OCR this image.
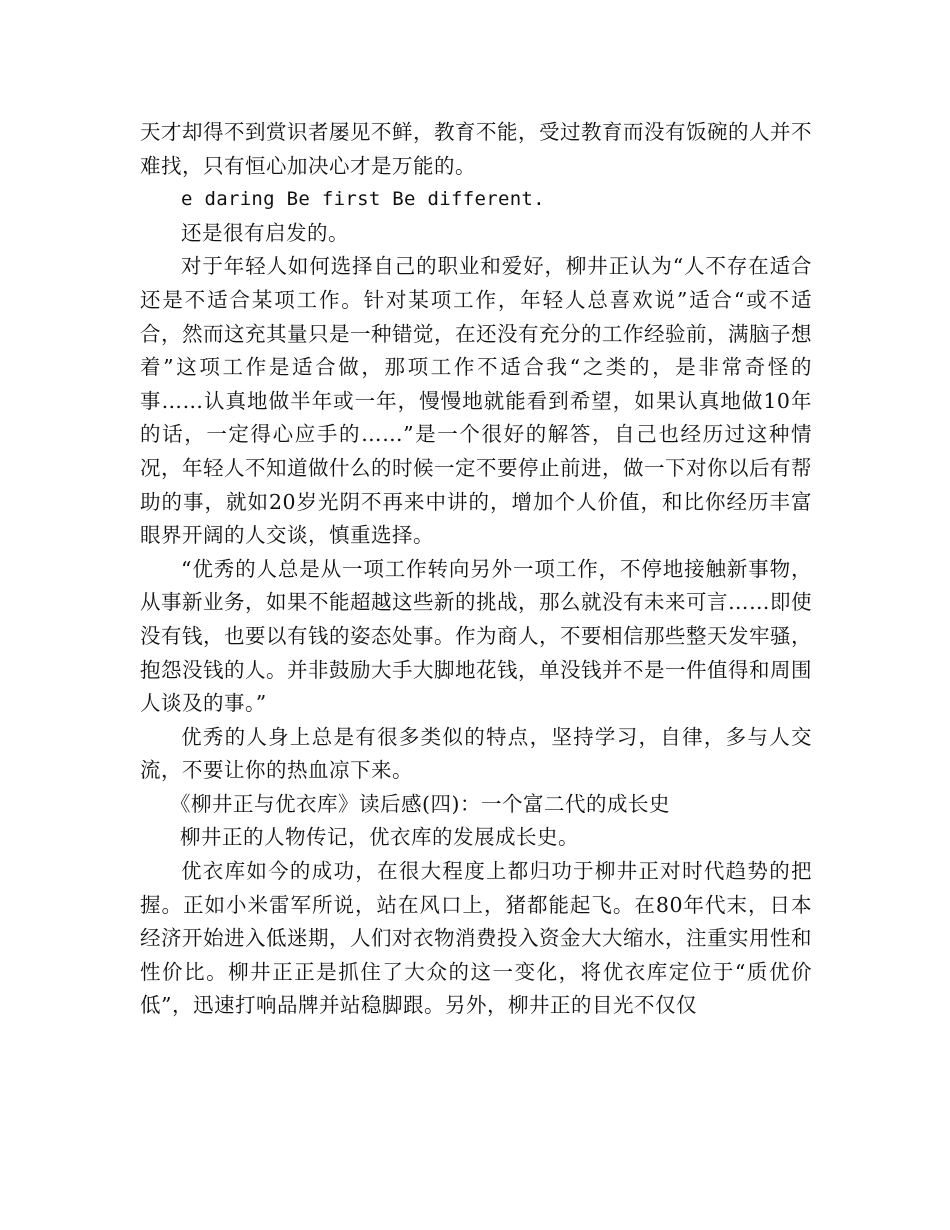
天才却得不到赏识者屡见不鲜，教育不能，受过教育而没有饭碗的人并不难找，只有恒心加决心才是万能的。

e daring Be first Be different.

还是很有启发的。

对于年轻人如何选择自己的职业和爱好，柳井正认为“人不存在适合还是不适合某项工作。针对某项工作，年轻人总喜欢说”适合“或不适合，然而这充其量只是一种错觉，在还没有充分的工作经验前，满脑子想着”这项工作是适合做，那项工作不适合我“之类的，是非常奇怪的事……认真地做半年或一年，慢慢地就能看到希望，如果认真地做10年的话，一定得心应手的……”是一个很好的解答，自己也经历过这种情况，年轻人不知道做什么的时候一定不要停止前进，做一下对你以后有帮助的事，就如20岁光阴不再来中讲的，增加个人价值，和比你经历丰富眼界开阔的人交谈，慎重选择。

“优秀的人总是从一项工作转向另外一项工作，不停地接触新事物，从事新业务，如果不能超越这些新的挑战，那么就没有未来可言……即使没有钱，也要以有钱的姿态处事。作为商人，不要相信那些整天发牢骚，抱怨没钱的人。并非鼓励大手大脚地花钱，单没钱并不是一件值得和周围人谈及的事。”

优秀的人身上总是有很多类似的特点，坚持学习，自律，多与人交流，不要让你的热血凉下来。

《柳井正与优衣库》读后感(四)：一个富二代的成长史

柳井正的人物传记，优衣库的发展成长史。

优衣库如今的成功，在很大程度上都归功于柳井正对时代趋势的把握。正如小米雷军所说，站在风口上，猪都能起飞。在80年代末，日本经济开始进入低迷期，人们对衣物消费投入资金大大缩水，注重实用性和性价比。柳井正正是抓住了大众的这一变化，将优衣库定位于“质优价低”，迅速打响品牌并站稳脚跟。另外，柳井正的目光不仅仅
